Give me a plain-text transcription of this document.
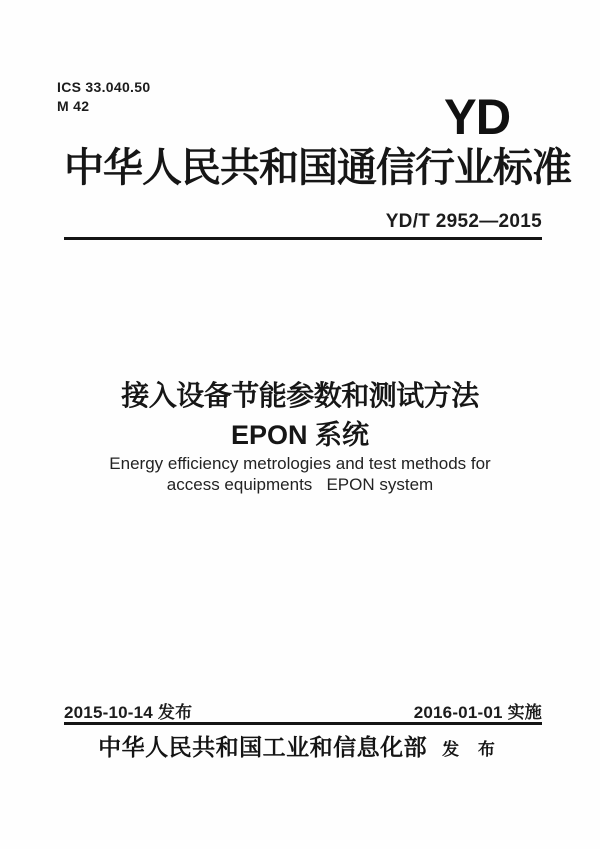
ICS 33.040.50
M 42	YD
中华人民共和国通信行业标准
YD/T 2952—2015
接入设备节能参数和测试方法
EPON 系统
Energy efficiency metrologies and test methods for
access equipments   EPON system
2015-10-14 发布	2016-01-01 实施
中华人民共和国工业和信息化部 发 布
